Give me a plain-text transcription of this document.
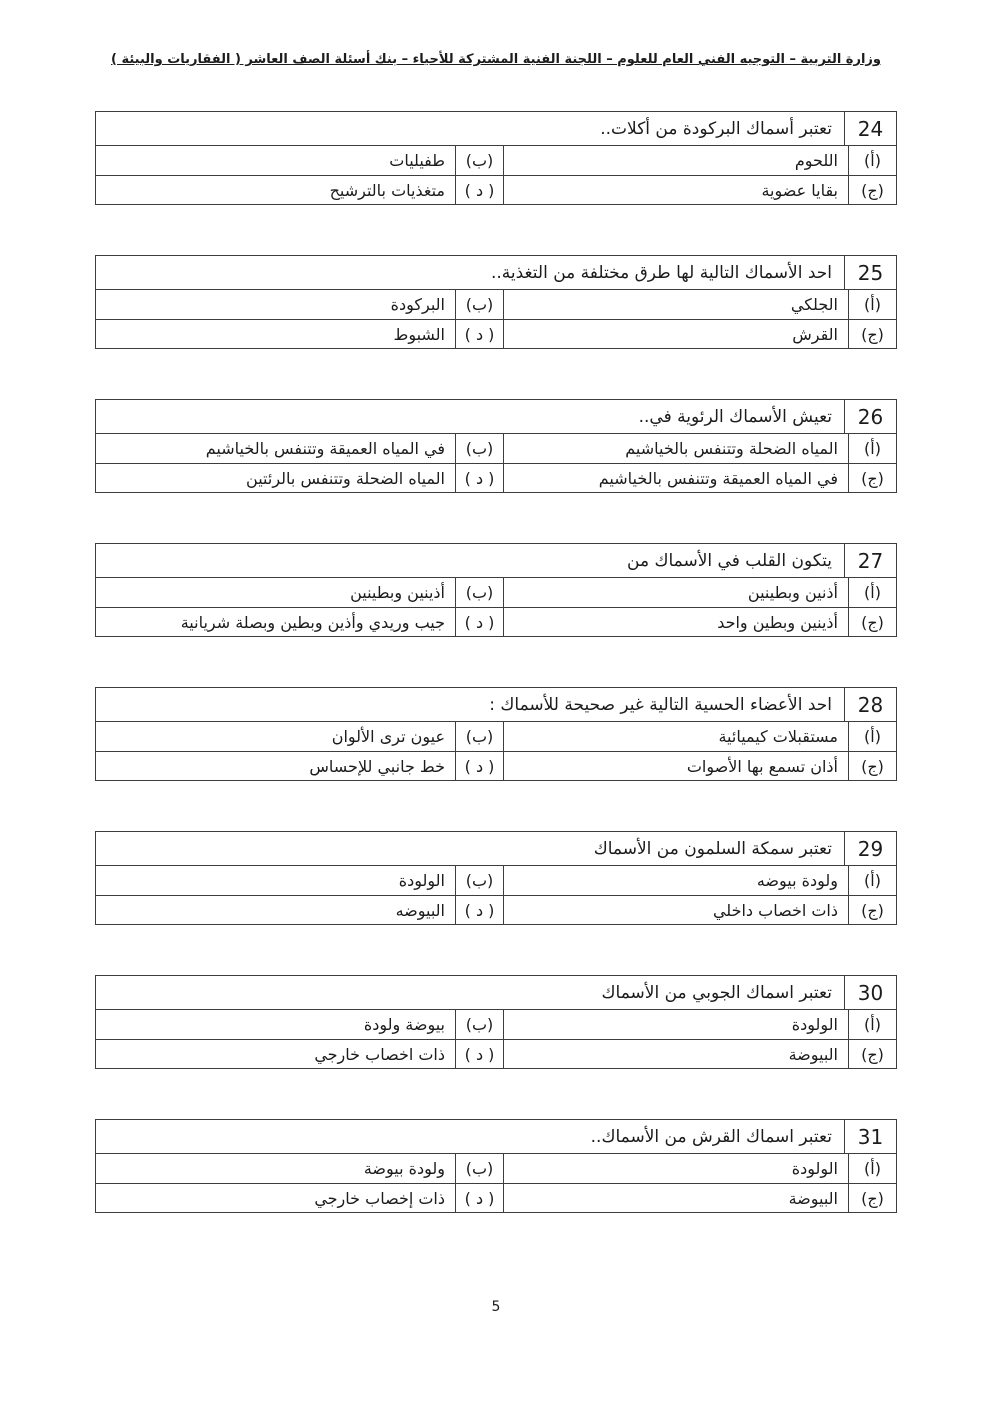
وزارة التربية – التوجيه الفني العام للعلوم – اللجنة الفنية المشتركة للأحياء – بنك أسئلة الصف العاشر ( الفقاريات والبيئة )
24
تعتبر أسماك البركودة من أكلات..
(أ)
اللحوم
(ب)
طفيليات
(ج)
بقايا عضوية
( د )
متغذيات بالترشيح
25
احد الأسماك التالية لها طرق مختلفة من التغذية..
(أ)
الجلكي
(ب)
البركودة
(ج)
القرش
( د )
الشبوط
26
تعيش الأسماك الرئوية في..
(أ)
المياه الضحلة وتتنفس بالخياشيم
(ب)
في المياه العميقة وتتنفس بالخياشيم
(ج)
في المياه العميقة وتتنفس بالخياشيم
( د )
المياه الضحلة وتتنفس بالرئتين
27
يتكون القلب في الأسماك من
(أ)
أذنين وبطينين
(ب)
أذينين وبطينين
(ج)
أذينين وبطين واحد
( د )
جيب وريدي وأذين وبطين وبصلة شريانية
28
احد الأعضاء الحسية التالية غير صحيحة للأسماك :
(أ)
مستقبلات كيميائية
(ب)
عيون ترى الألوان
(ج)
أذان تسمع بها الأصوات
( د )
خط جانبي للإحساس
29
تعتبر سمكة السلمون من الأسماك
(أ)
ولودة بيوضه
(ب)
الولودة
(ج)
ذات اخصاب داخلي
( د )
البيوضه
30
تعتبر اسماك الجوبي من الأسماك
(أ)
الولودة
(ب)
بيوضة ولودة
(ج)
البيوضة
( د )
ذات اخصاب خارجي
31
تعتبر اسماك القرش من الأسماك..
(أ)
الولودة
(ب)
ولودة بيوضة
(ج)
البيوضة
( د )
ذات إخصاب خارجي
5
